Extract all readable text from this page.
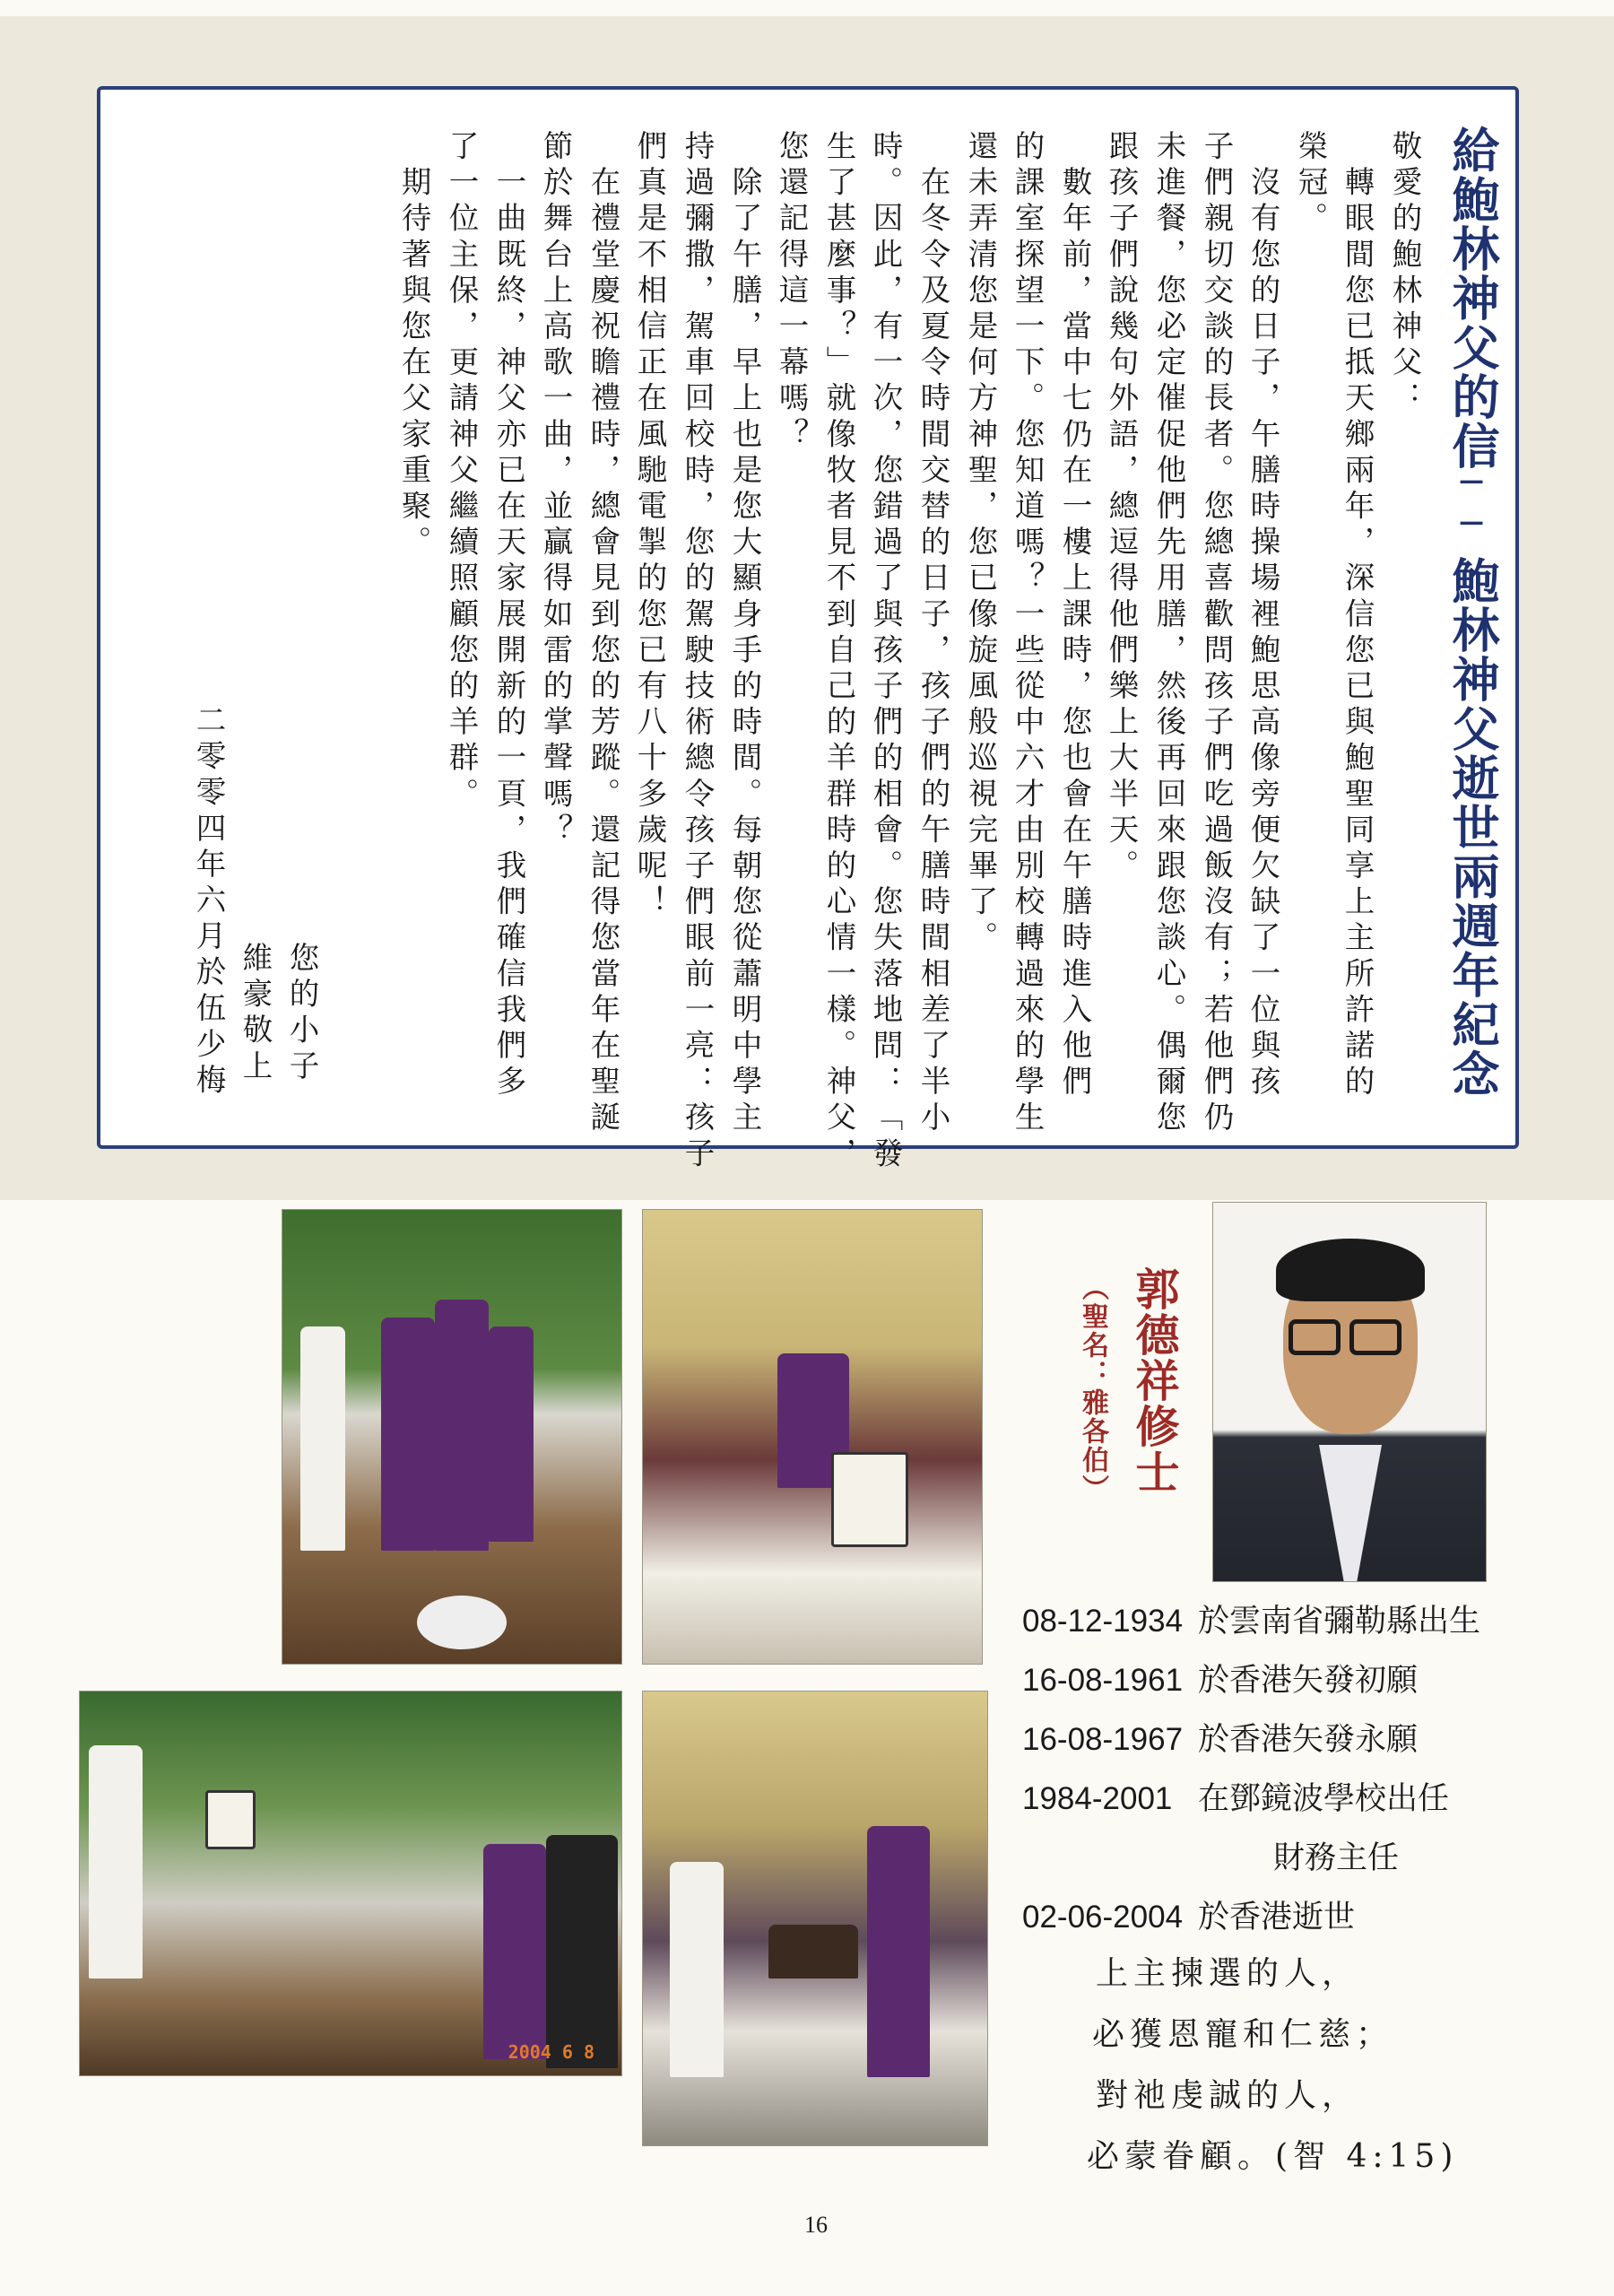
給鮑林神父的信
──
鮑林神父逝世兩週年紀念
敬愛的鮑林神父：
　轉眼間您已抵天鄉兩年，深信您已與鮑聖同享上主所許諾的
榮冠。
　沒有您的日子，午膳時操場裡鮑思高像旁便欠缺了一位與孩
子們親切交談的長者。您總喜歡問孩子們吃過飯沒有；若他們仍
未進餐，您必定催促他們先用膳，然後再回來跟您談心。偶爾您
跟孩子們說幾句外語，總逗得他們樂上大半天。
　數年前，當中七仍在一樓上課時，您也會在午膳時進入他們
的課室探望一下。您知道嗎？一些從中六才由別校轉過來的學生
還未弄清您是何方神聖，您已像旋風般巡視完畢了。
　在冬令及夏令時間交替的日子，孩子們的午膳時間相差了半小
時。因此，有一次，您錯過了與孩子們的相會。您失落地問：「發
生了甚麼事？」就像牧者見不到自己的羊群時的心情一樣。神父，
您還記得這一幕嗎？
　除了午膳，早上也是您大顯身手的時間。每朝您從蕭明中學主
持過彌撒，駕車回校時，您的駕駛技術總令孩子們眼前一亮：孩子
們真是不相信正在風馳電掣的您已有八十多歲呢！
　在禮堂慶祝瞻禮時，總會見到您的芳蹤。還記得您當年在聖誕
節於舞台上高歌一曲，並贏得如雷的掌聲嗎？
　一曲既終，神父亦已在天家展開新的一頁，我們確信我們多
了一位主保，更請神父繼續照顧您的羊群。
　期待著與您在父家重聚。
您的小子
維豪敬上
二零零四年六月於伍少梅
2004 6 8
郭德祥修士
（聖名：雅各伯）
08-12-1934 於雲南省彌勒縣出生
16-08-1961 於香港矢發初願
16-08-1967 於香港矢發永願
1984-2001 在鄧鏡波學校出任
財務主任
02-06-2004 於香港逝世
上主揀選的人，
必獲恩寵和仁慈；
對祂虔誠的人，
必蒙眷顧。(智 4:15)
16
